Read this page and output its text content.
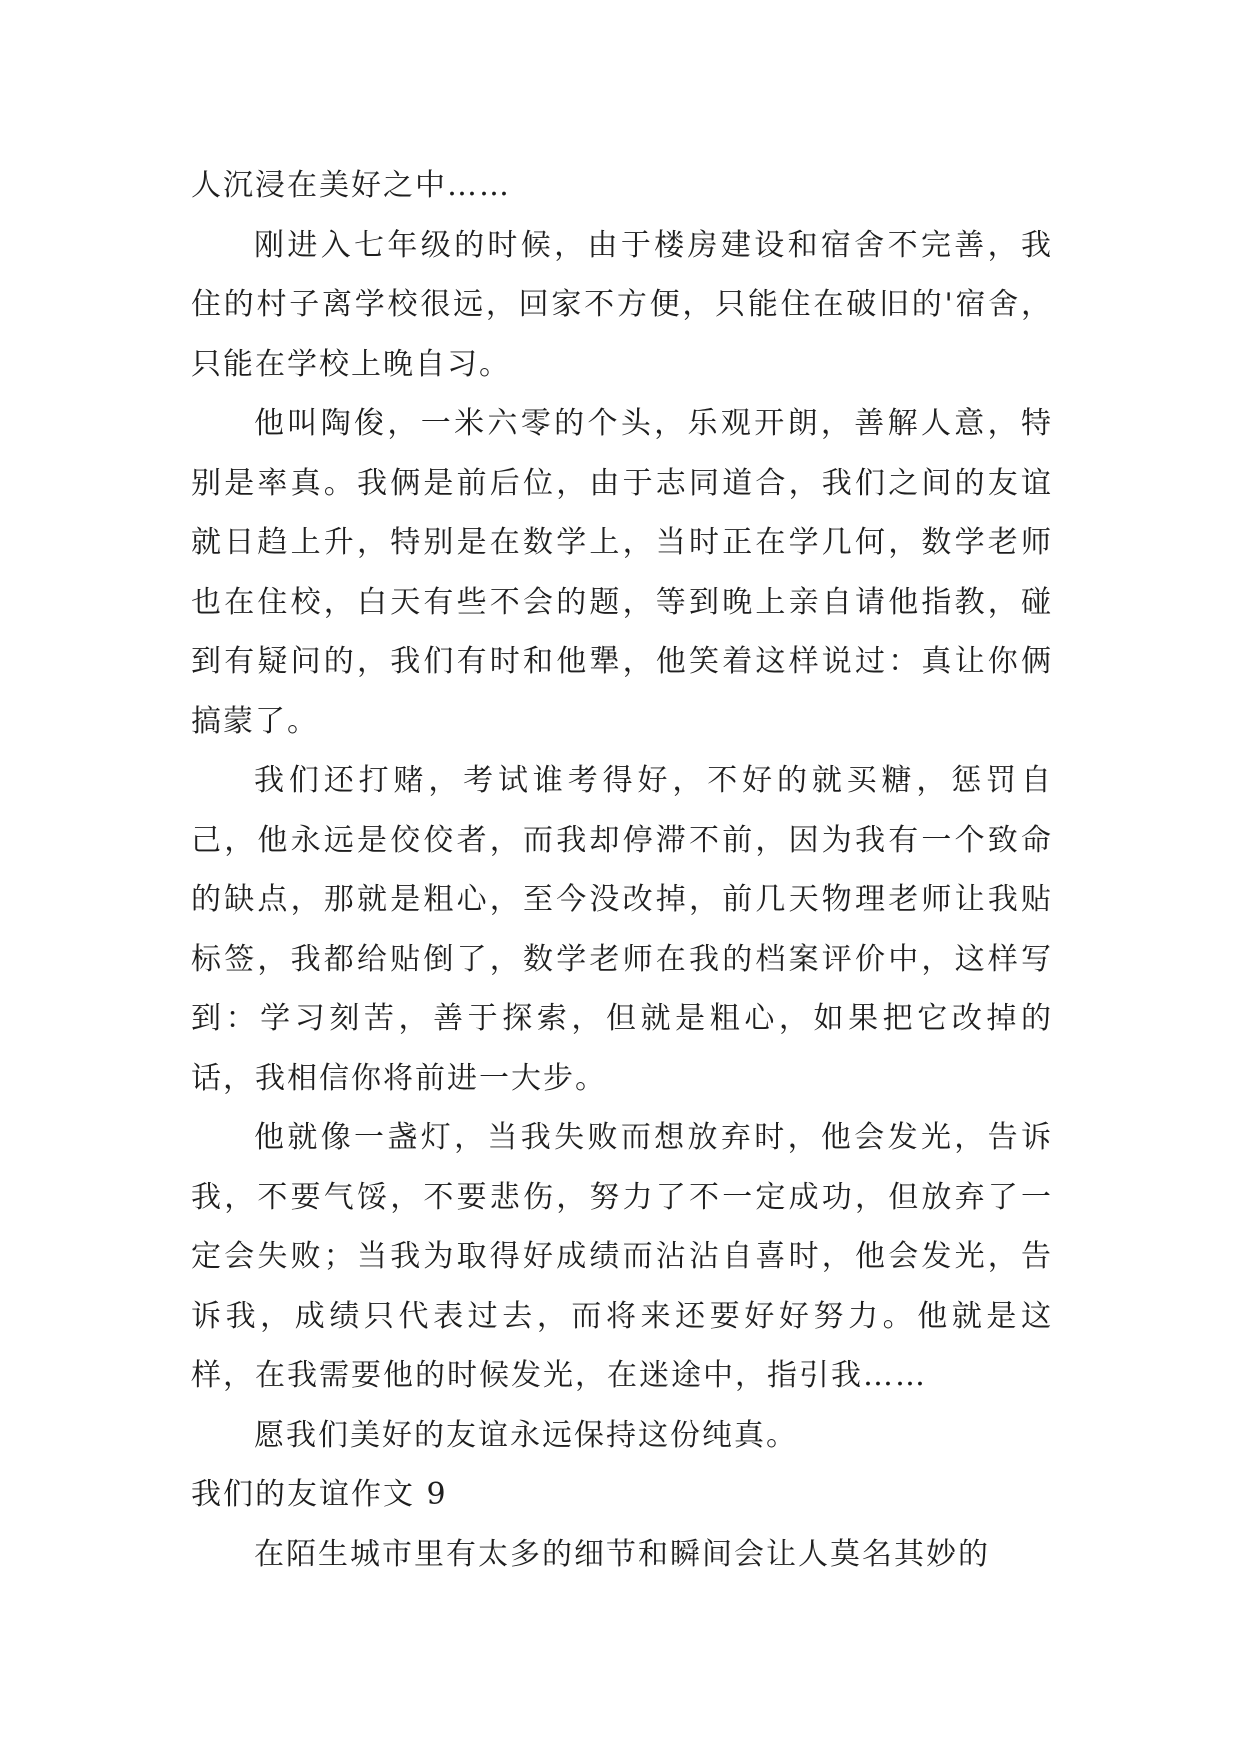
人沉浸在美好之中……

刚进入七年级的时候，由于楼房建设和宿舍不完善，我住的村子离学校很远，回家不方便，只能住在破旧的'宿舍，只能在学校上晚自习。

他叫陶俊，一米六零的个头，乐观开朗，善解人意，特别是率真。我俩是前后位，由于志同道合，我们之间的友谊就日趋上升，特别是在数学上，当时正在学几何，数学老师也在住校，白天有些不会的题，等到晚上亲自请他指教，碰到有疑问的，我们有时和他犟，他笑着这样说过：真让你俩搞蒙了。

我们还打赌，考试谁考得好，不好的就买糖，惩罚自己，他永远是佼佼者，而我却停滞不前，因为我有一个致命的缺点，那就是粗心，至今没改掉，前几天物理老师让我贴标签，我都给贴倒了，数学老师在我的档案评价中，这样写到：学习刻苦，善于探索，但就是粗心，如果把它改掉的话，我相信你将前进一大步。

他就像一盏灯，当我失败而想放弃时，他会发光，告诉我，不要气馁，不要悲伤，努力了不一定成功，但放弃了一定会失败；当我为取得好成绩而沾沾自喜时，他会发光，告诉我，成绩只代表过去，而将来还要好好努力。他就是这样，在我需要他的时候发光，在迷途中，指引我……

愿我们美好的友谊永远保持这份纯真。

我们的友谊作文 9

在陌生城市里有太多的细节和瞬间会让人莫名其妙的
